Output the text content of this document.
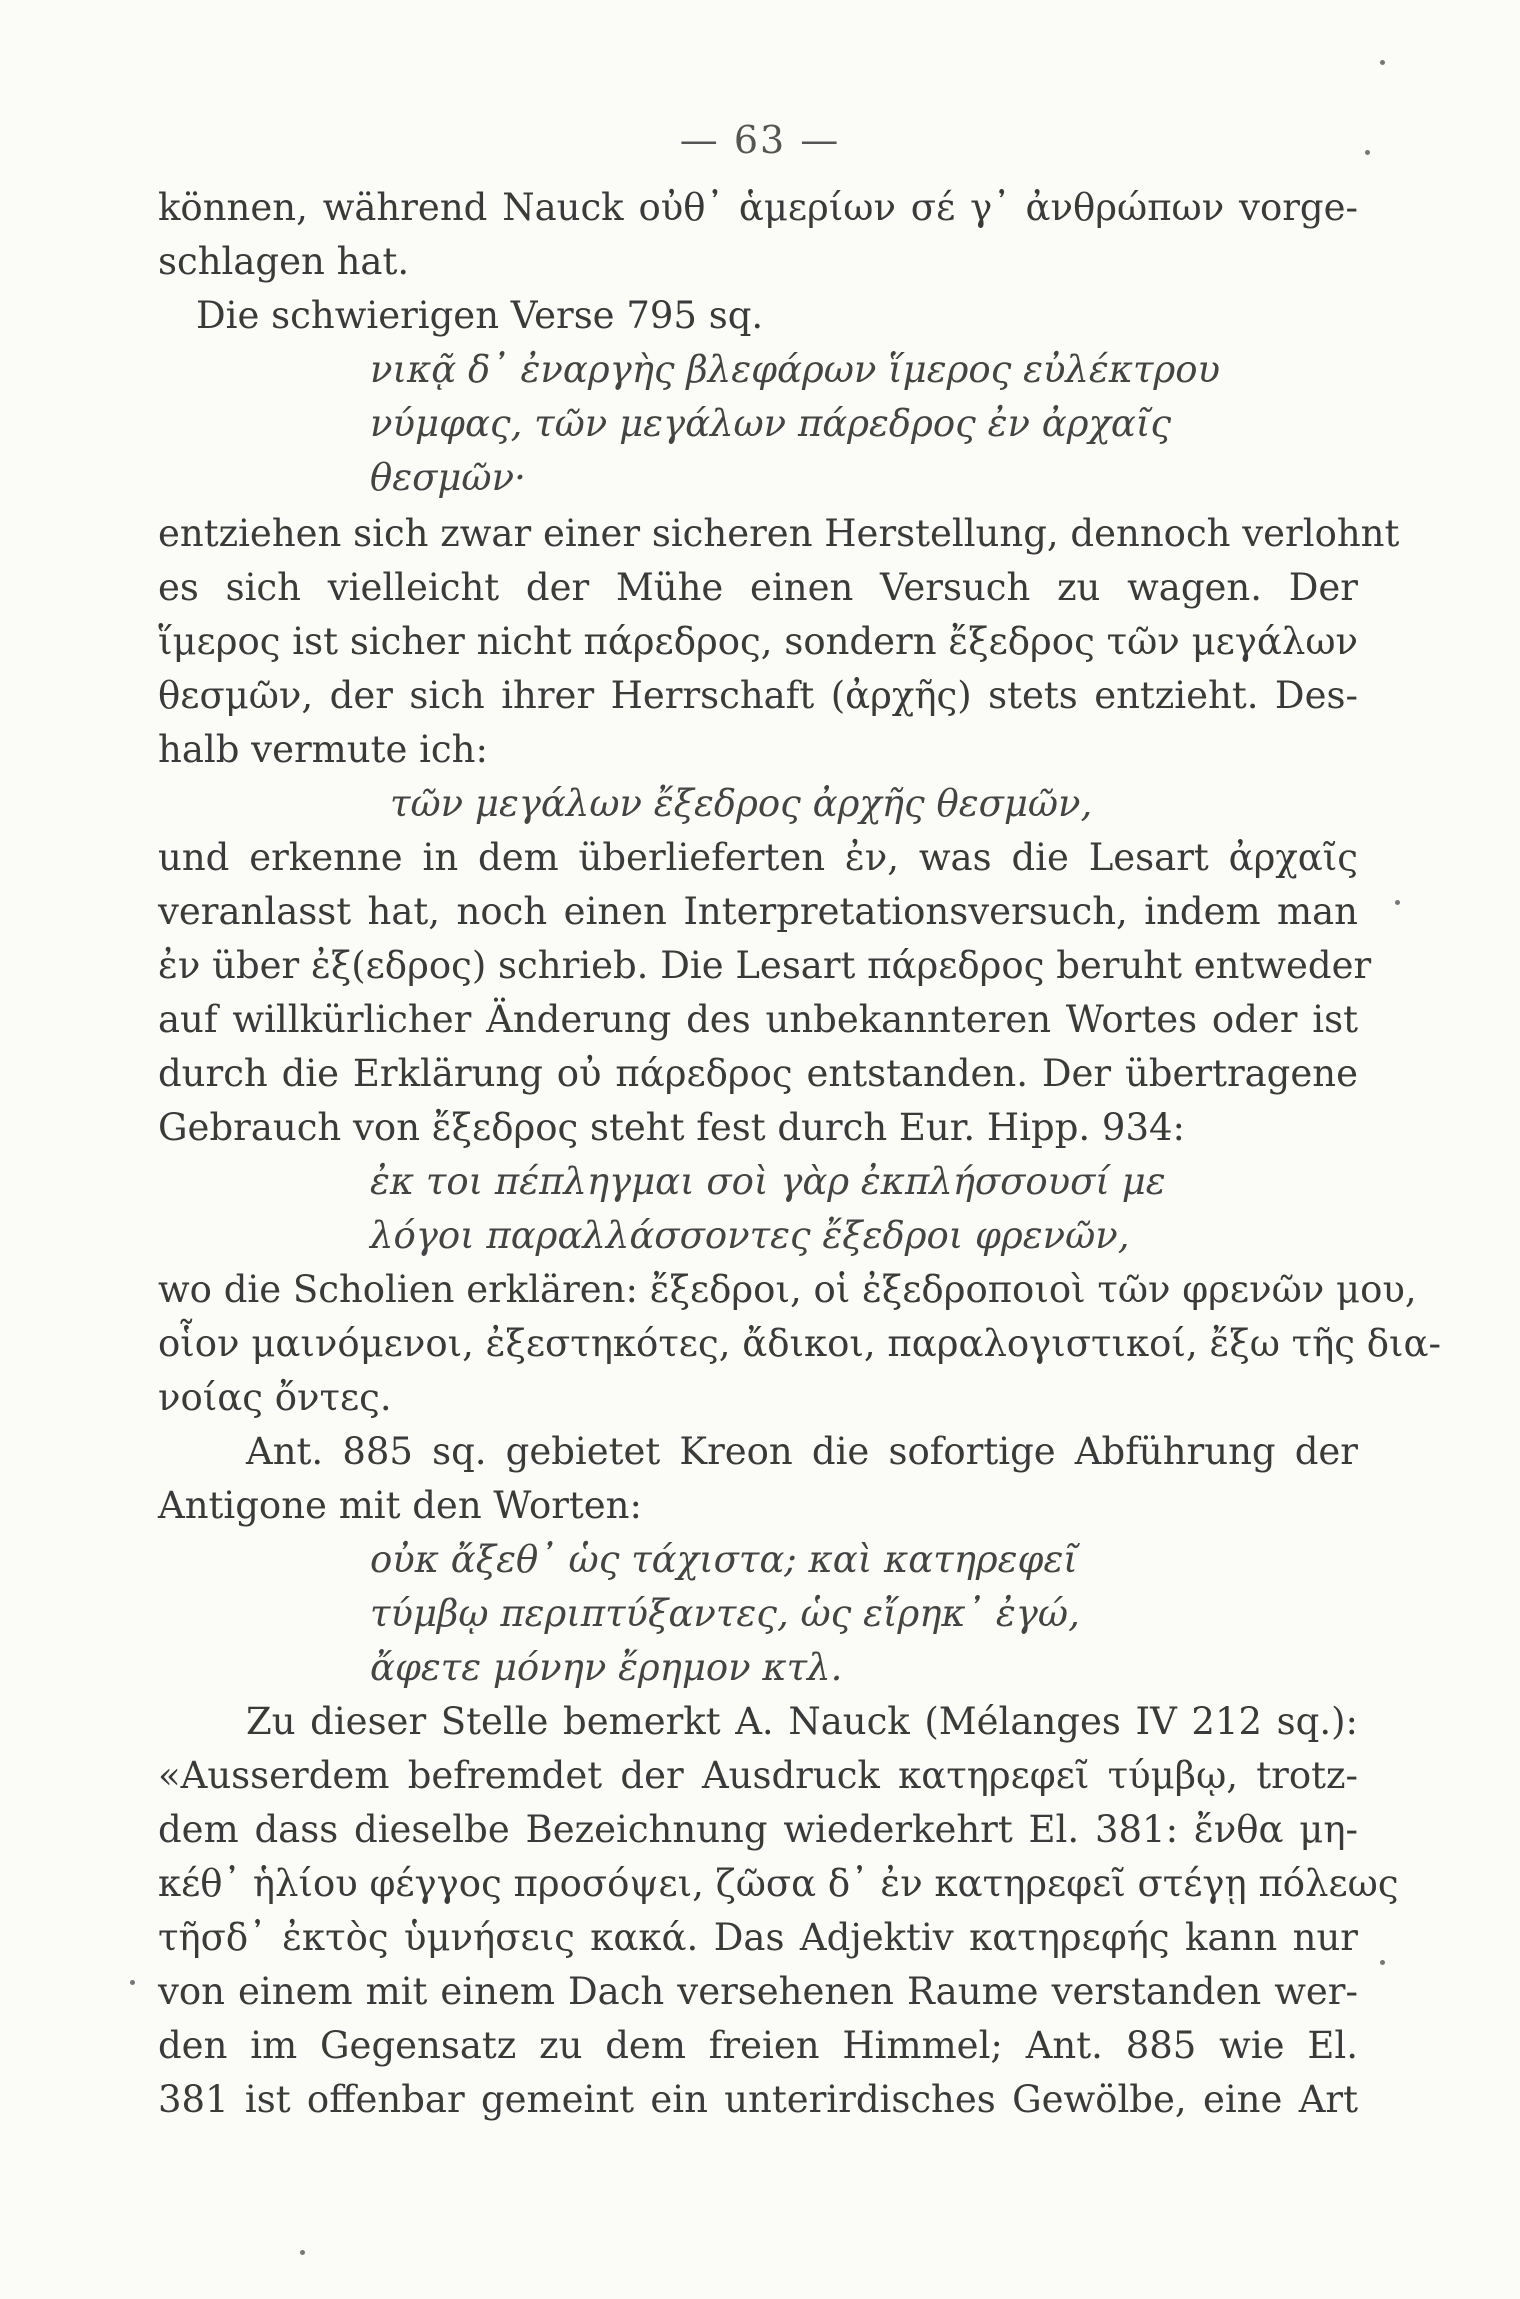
— 63 —
können, während Nauck οὐθ᾽ ἁμερίων σέ γ᾽ ἀνθρώπων vorge-
schlagen hat.
Die schwierigen Verse 795 sq.
νικᾷ δ᾽ ἐναργὴς βλεφάρων ἵμερος εὐλέκτρου
νύμφας, τῶν μεγάλων πάρεδρος ἐν ἀρχαῖς
θεσμῶν·
entziehen sich zwar einer sicheren Herstellung, dennoch verlohnt
es sich vielleicht der Mühe einen Versuch zu wagen. Der
ἵμερος ist sicher nicht πάρεδρος, sondern ἔξεδρος τῶν μεγάλων
θεσμῶν, der sich ihrer Herrschaft (ἀρχῆς) stets entzieht. Des-
halb vermute ich:
τῶν μεγάλων ἔξεδρος ἀρχῆς θεσμῶν,
und erkenne in dem überlieferten ἐν, was die Lesart ἀρχαῖς
veranlasst hat, noch einen Interpretationsversuch, indem man
ἐν über ἐξ(εδρος) schrieb. Die Lesart πάρεδρος beruht entweder
auf willkürlicher Änderung des unbekannteren Wortes oder ist
durch die Erklärung οὐ πάρεδρος entstanden. Der übertragene
Gebrauch von ἔξεδρος steht fest durch Eur. Hipp. 934:
ἐκ τοι πέπληγμαι σοὶ γὰρ ἐκπλήσσουσί με
λόγοι παραλλάσσοντες ἔξεδροι φρενῶν,
wo die Scholien erklären: ἔξεδροι, οἱ ἐξεδροποιοὶ τῶν φρενῶν μου,
οἷον μαινόμενοι, ἐξεστηκότες, ἄδικοι, παραλογιστικοί, ἔξω τῆς δια-
νοίας ὄντες.
Ant. 885 sq. gebietet Kreon die sofortige Abführung der
Antigone mit den Worten:
οὐκ ἄξεθ᾽ ὡς τάχιστα; καὶ κατηρεφεῖ
τύμβῳ περιπτύξαντες, ὡς εἴρηκ᾽ ἐγώ,
ἄφετε μόνην ἔρημον κτλ.
Zu dieser Stelle bemerkt A. Nauck (Mélanges IV 212 sq.):
«Ausserdem befremdet der Ausdruck κατηρεφεῖ τύμβῳ, trotz-
dem dass dieselbe Bezeichnung wiederkehrt El. 381: ἔνθα μη-
κέθ᾽ ἡλίου φέγγος προσόψει, ζῶσα δ᾽ ἐν κατηρεφεῖ στέγῃ πόλεως
τῆσδ᾽ ἐκτὸς ὑμνήσεις κακά. Das Adjektiv κατηρεφής kann nur
von einem mit einem Dach versehenen Raume verstanden wer-
den im Gegensatz zu dem freien Himmel; Ant. 885 wie El.
381 ist offenbar gemeint ein unterirdisches Gewölbe, eine Art
